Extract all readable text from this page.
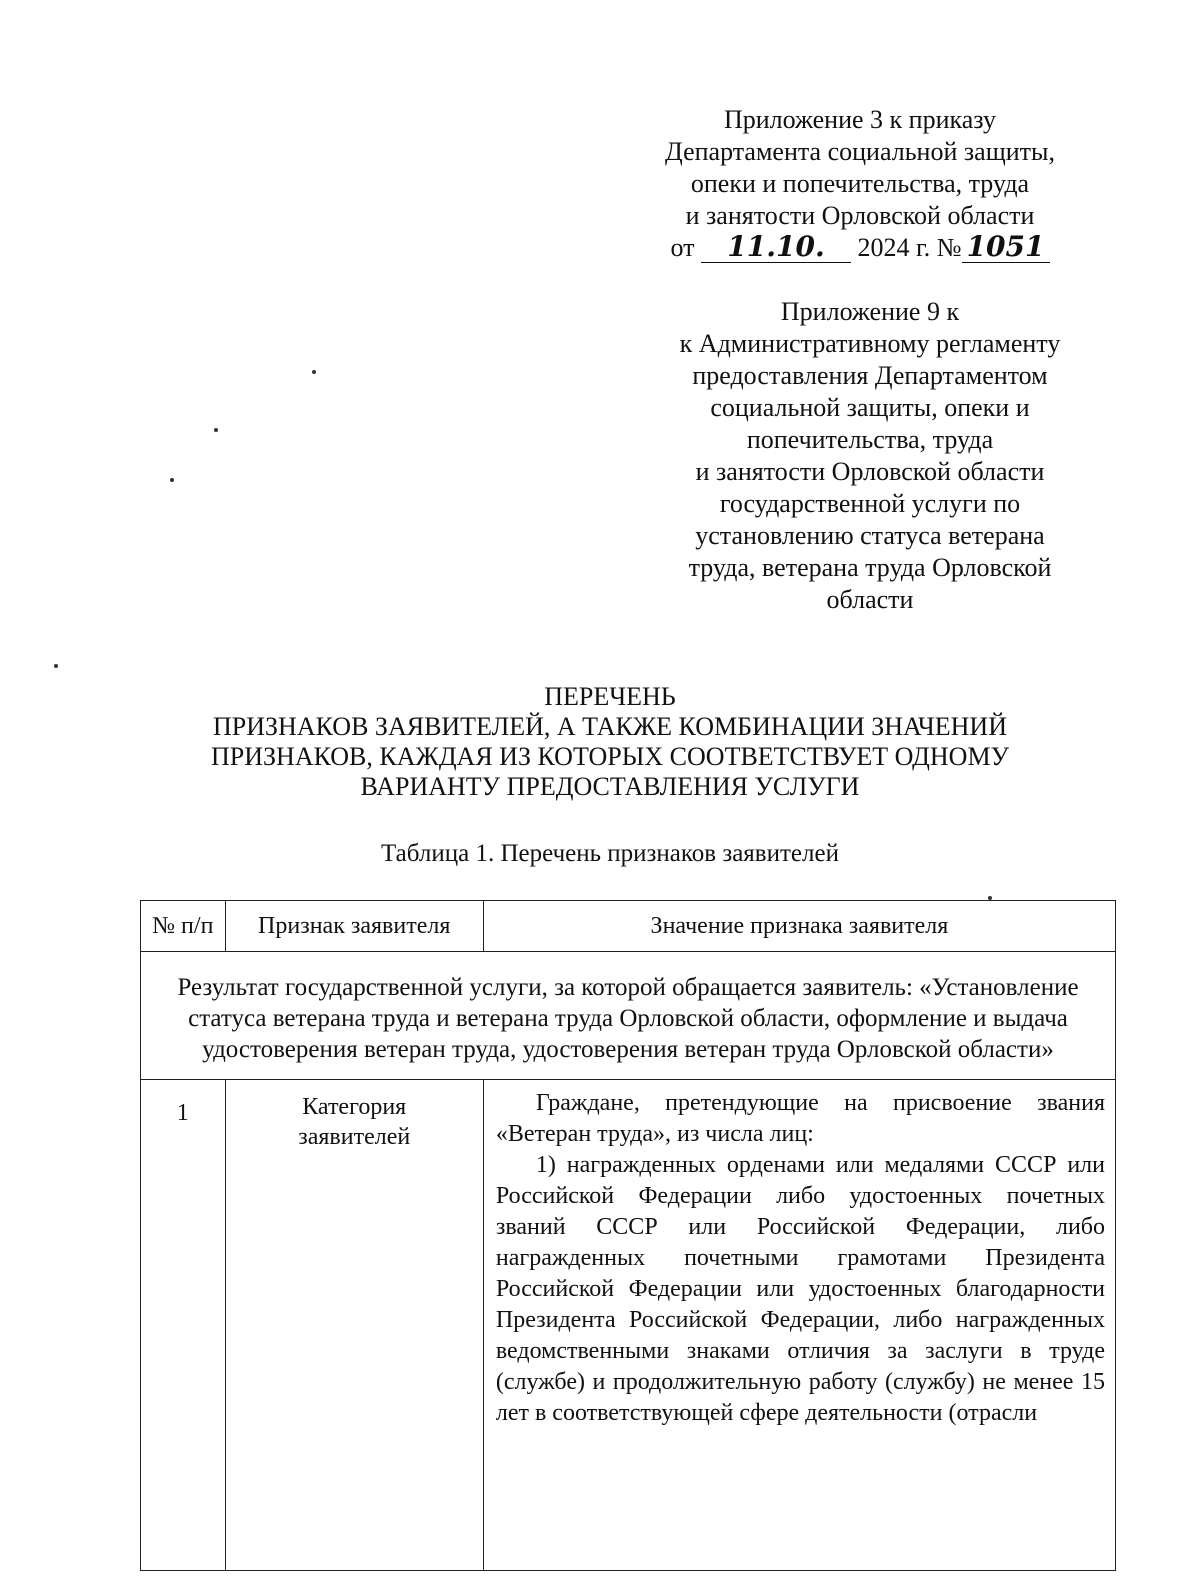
Приложение 3 к приказу
Департамента социальной защиты,
опеки и попечительства, труда
и занятости Орловской области
от 11.10. 2024 г. № 1051
Приложение 9 к
к Административному регламенту
предоставления Департаментом
социальной защиты, опеки и
попечительства, труда
и занятости Орловской области
государственной услуги по
установлению статуса ветерана
труда, ветерана труда Орловской
области
ПЕРЕЧЕНЬ
ПРИЗНАКОВ ЗАЯВИТЕЛЕЙ, А ТАКЖЕ КОМБИНАЦИИ ЗНАЧЕНИЙ
ПРИЗНАКОВ, КАЖДАЯ ИЗ КОТОРЫХ СООТВЕТСТВУЕТ ОДНОМУ
ВАРИАНТУ ПРЕДОСТАВЛЕНИЯ УСЛУГИ
Таблица 1. Перечень признаков заявителей
№ п/п	Признак заявителя	Значение признака заявителя
Результат государственной услуги, за которой обращается заявитель: «Установление статуса ветерана труда и ветерана труда Орловской области, оформление и выдача удостоверения ветеран труда, удостоверения ветеран труда Орловской области»		
1	Категория заявителей	Граждане, претендующие на присвоение звания «Ветеран труда», из числа лиц:

1) награжденных орденами или медалями СССР или Российской Федерации либо удостоенных почетных званий СССР или Российской Федерации, либо награжденных почетными грамотами Президента Российской Федерации или удостоенных благодарности Президента Российской Федерации, либо награжденных ведомственными знаками отличия за заслуги в труде (службе) и продолжительную работу (службу) не менее 15 лет в соответствующей сфере деятельности (отрасли
